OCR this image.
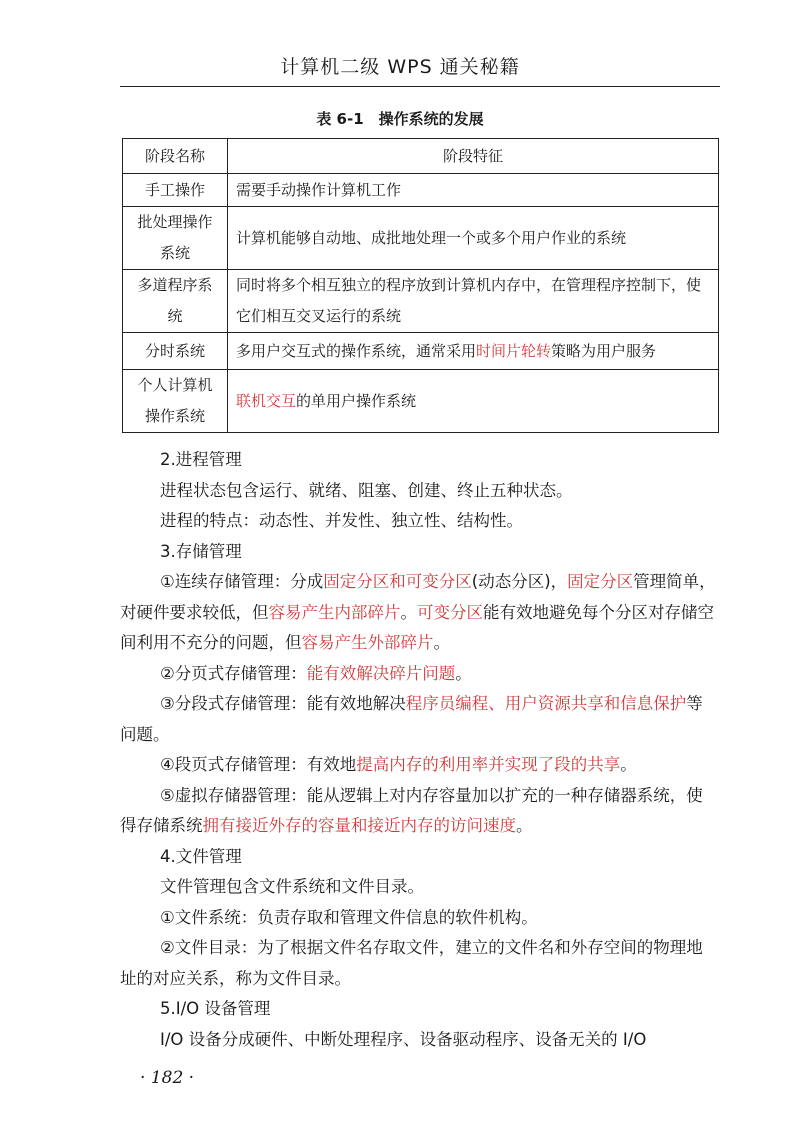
计算机二级 WPS 通关秘籍
表 6-1　操作系统的发展
阶段名称	阶段特征
手工操作	需要手动操作计算机工作
批处理操作系统	计算机能够自动地、成批地处理一个或多个用户作业的系统
多道程序系统	同时将多个相互独立的程序放到计算机内存中，在管理程序控制下，使它们相互交叉运行的系统
分时系统	多用户交互式的操作系统，通常采用时间片轮转策略为用户服务
个人计算机操作系统	联机交互的单用户操作系统

2.进程管理

进程状态包含运行、就绪、阻塞、创建、终止五种状态。

进程的特点：动态性、并发性、独立性、结构性。

3.存储管理

①连续存储管理：分成固定分区和可变分区(动态分区)，固定分区管理简单，对硬件要求较低，但容易产生内部碎片。可变分区能有效地避免每个分区对存储空间利用不充分的问题，但容易产生外部碎片。

②分页式存储管理：能有效解决碎片问题。

③分段式存储管理：能有效地解决程序员编程、用户资源共享和信息保护等问题。

④段页式存储管理：有效地提高内存的利用率并实现了段的共享。

⑤虚拟存储器管理：能从逻辑上对内存容量加以扩充的一种存储器系统，使得存储系统拥有接近外存的容量和接近内存的访问速度。

4.文件管理

文件管理包含文件系统和文件目录。

①文件系统：负责存取和管理文件信息的软件机构。

②文件目录：为了根据文件名存取文件，建立的文件名和外存空间的物理地址的对应关系，称为文件目录。

5.I/O 设备管理

I/O 设备分成硬件、中断处理程序、设备驱动程序、设备无关的 I/O

· 182 ·
